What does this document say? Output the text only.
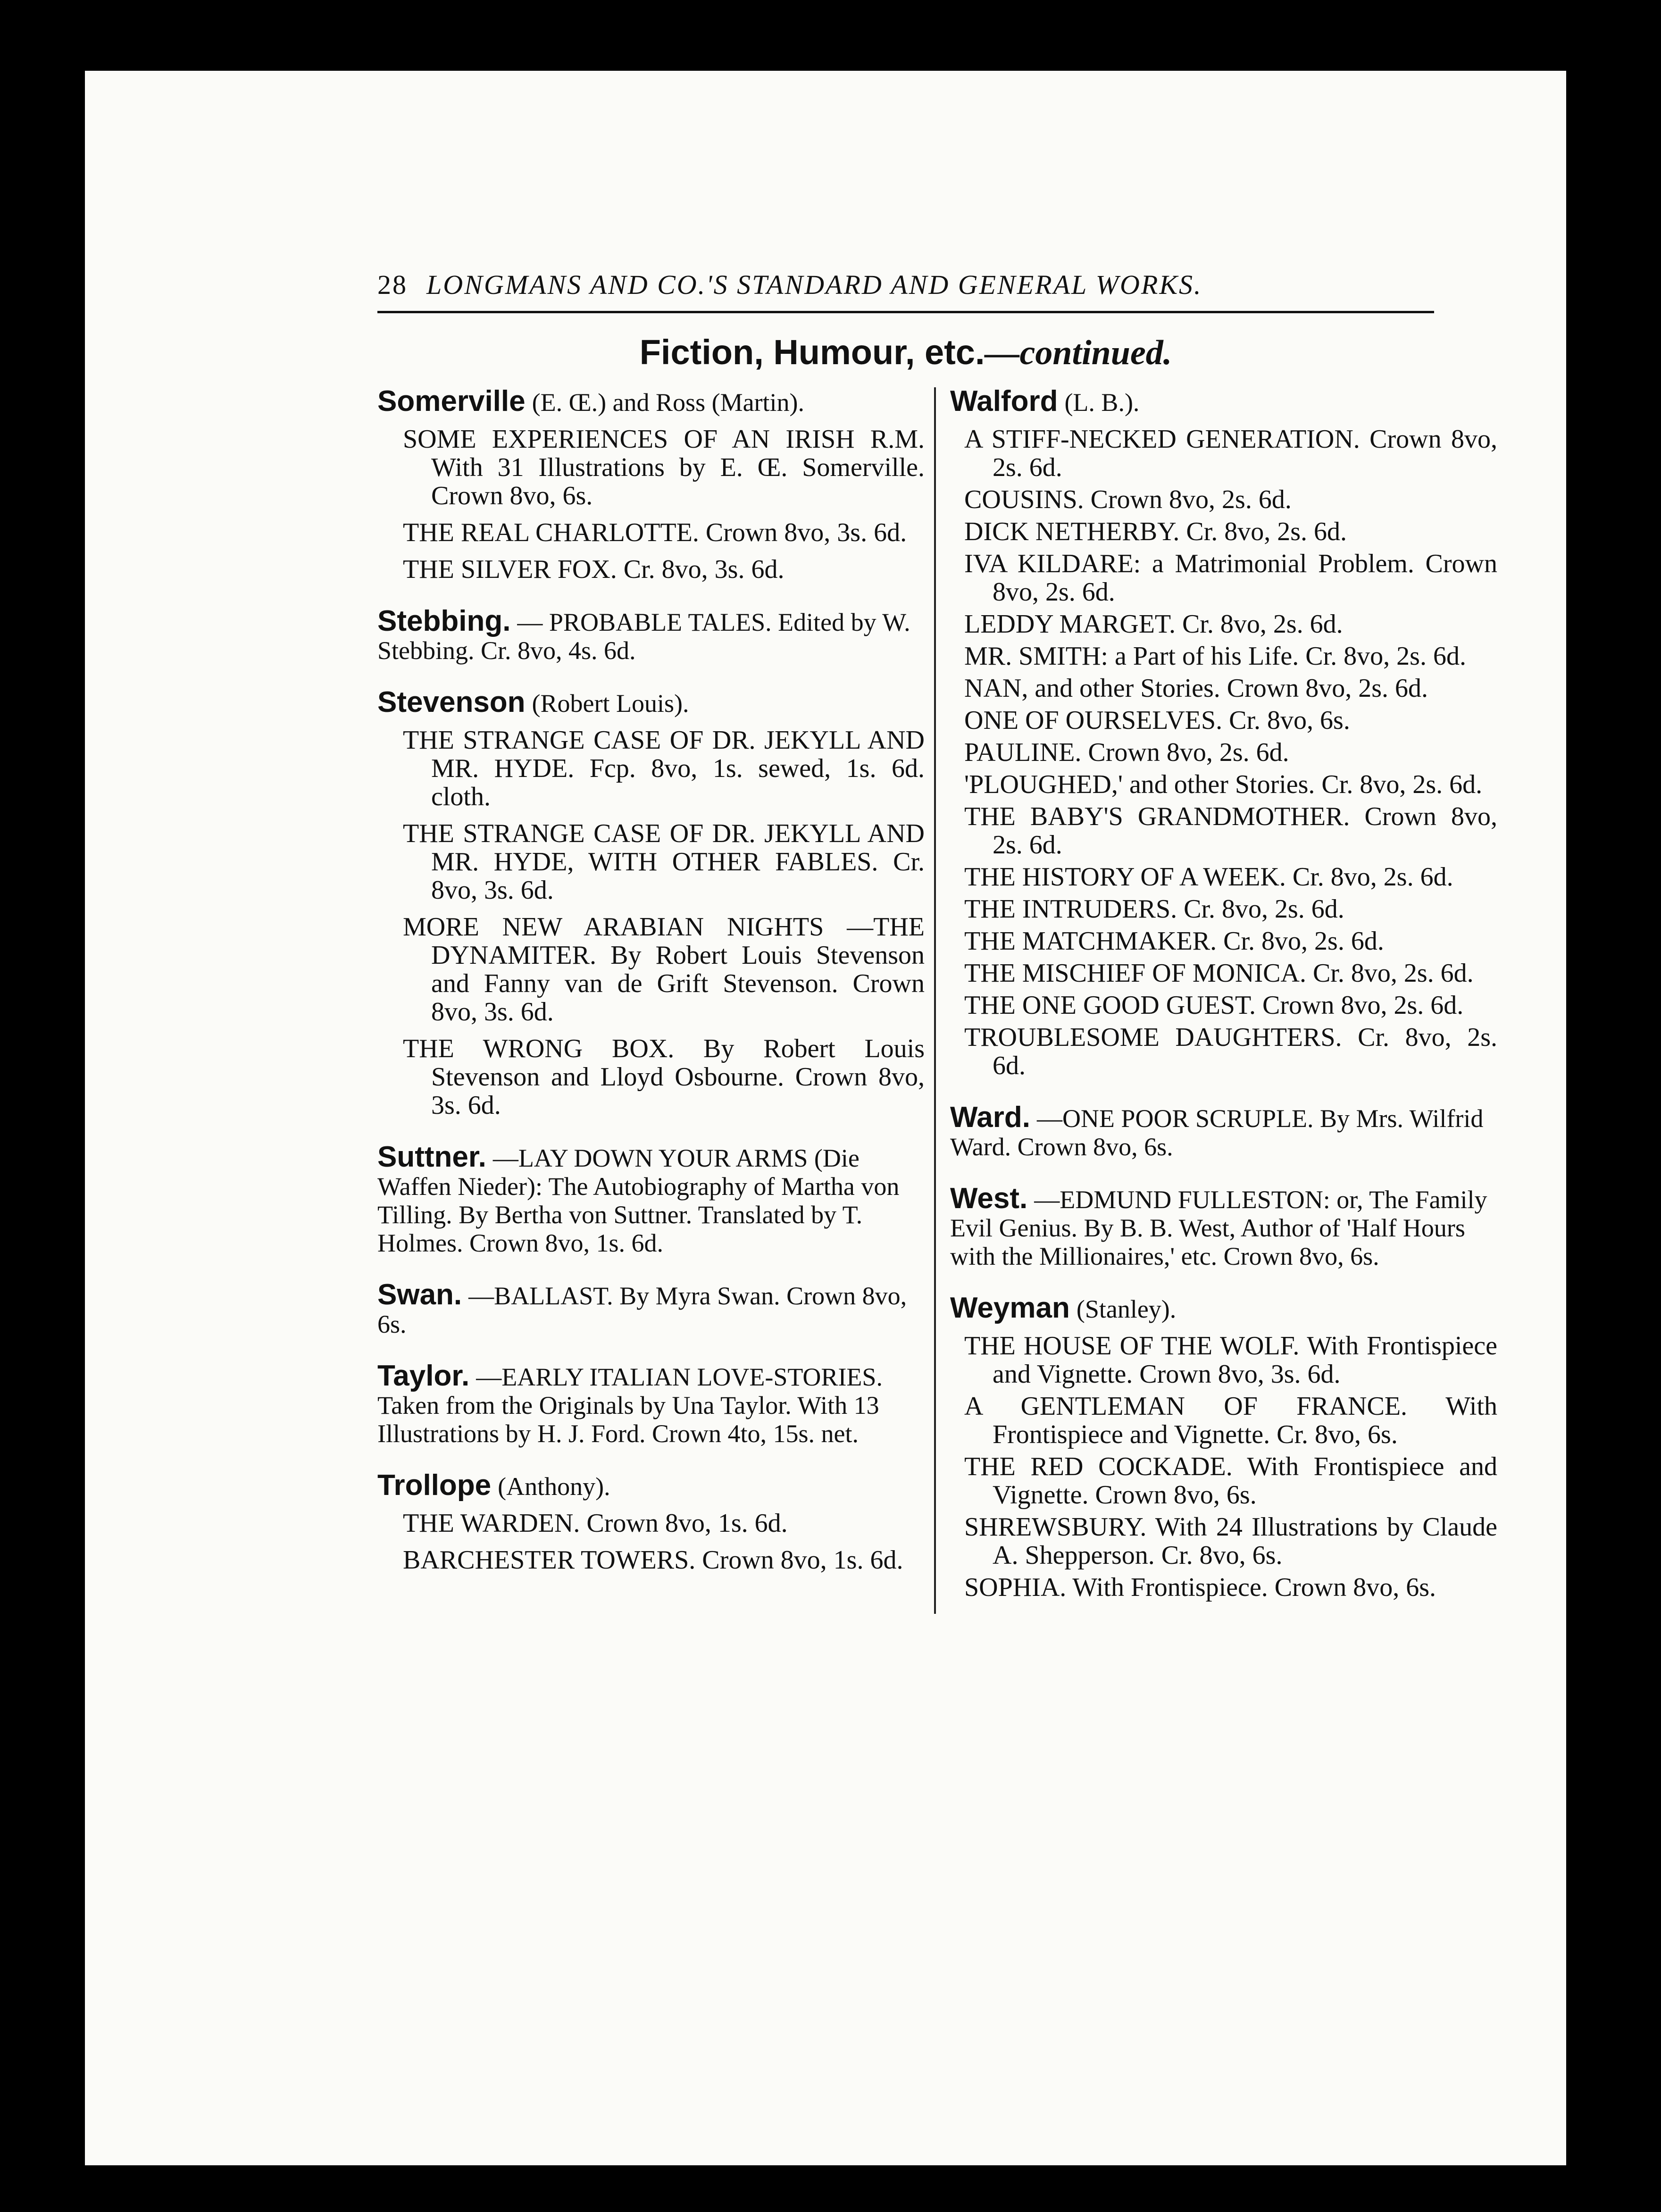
28 LONGMANS AND CO.'S STANDARD AND GENERAL WORKS.
Fiction, Humour, etc.—continued.
Somerville (E. Œ.) and Ross (Martin).
SOME EXPERIENCES OF AN IRISH R.M. With 31 Illustrations by E. Œ. Somerville. Crown 8vo, 6s.
THE REAL CHARLOTTE. Crown 8vo, 3s. 6d.
THE SILVER FOX. Cr. 8vo, 3s. 6d.
Stebbing. — PROBABLE TALES. Edited by W. Stebbing. Cr. 8vo, 4s. 6d.
Stevenson (Robert Louis).
THE STRANGE CASE OF DR. JEKYLL AND MR. HYDE. Fcp. 8vo, 1s. sewed, 1s. 6d. cloth.
THE STRANGE CASE OF DR. JEKYLL AND MR. HYDE, WITH OTHER FABLES. Cr. 8vo, 3s. 6d.
MORE NEW ARABIAN NIGHTS —THE DYNAMITER. By Robert Louis Stevenson and Fanny van de Grift Stevenson. Crown 8vo, 3s. 6d.
THE WRONG BOX. By Robert Louis Stevenson and Lloyd Osbourne. Crown 8vo, 3s. 6d.
Suttner. —LAY DOWN YOUR ARMS (Die Waffen Nieder): The Autobiography of Martha von Tilling. By Bertha von Suttner. Translated by T. Holmes. Crown 8vo, 1s. 6d.
Swan. —BALLAST. By Myra Swan. Crown 8vo, 6s.
Taylor. —EARLY ITALIAN LOVE-STORIES. Taken from the Originals by Una Taylor. With 13 Illustrations by H. J. Ford. Crown 4to, 15s. net.
Trollope (Anthony).
THE WARDEN. Crown 8vo, 1s. 6d.
BARCHESTER TOWERS. Crown 8vo, 1s. 6d.
Walford (L. B.).
A STIFF-NECKED GENERATION. Crown 8vo, 2s. 6d.
COUSINS. Crown 8vo, 2s. 6d.
DICK NETHERBY. Cr. 8vo, 2s. 6d.
IVA KILDARE: a Matrimonial Problem. Crown 8vo, 2s. 6d.
LEDDY MARGET. Cr. 8vo, 2s. 6d.
MR. SMITH: a Part of his Life. Cr. 8vo, 2s. 6d.
NAN, and other Stories. Crown 8vo, 2s. 6d.
ONE OF OURSELVES. Cr. 8vo, 6s.
PAULINE. Crown 8vo, 2s. 6d.
'PLOUGHED,' and other Stories. Cr. 8vo, 2s. 6d.
THE BABY'S GRANDMOTHER. Crown 8vo, 2s. 6d.
THE HISTORY OF A WEEK. Cr. 8vo, 2s. 6d.
THE INTRUDERS. Cr. 8vo, 2s. 6d.
THE MATCHMAKER. Cr. 8vo, 2s. 6d.
THE MISCHIEF OF MONICA. Cr. 8vo, 2s. 6d.
THE ONE GOOD GUEST. Crown 8vo, 2s. 6d.
TROUBLESOME DAUGHTERS. Cr. 8vo, 2s. 6d.
Ward. —ONE POOR SCRUPLE. By Mrs. Wilfrid Ward. Crown 8vo, 6s.
West. —EDMUND FULLESTON: or, The Family Evil Genius. By B. B. West, Author of 'Half Hours with the Millionaires,' etc. Crown 8vo, 6s.
Weyman (Stanley).
THE HOUSE OF THE WOLF. With Frontispiece and Vignette. Crown 8vo, 3s. 6d.
A GENTLEMAN OF FRANCE. With Frontispiece and Vignette. Cr. 8vo, 6s.
THE RED COCKADE. With Frontispiece and Vignette. Crown 8vo, 6s.
SHREWSBURY. With 24 Illustrations by Claude A. Shepperson. Cr. 8vo, 6s.
SOPHIA. With Frontispiece. Crown 8vo, 6s.
